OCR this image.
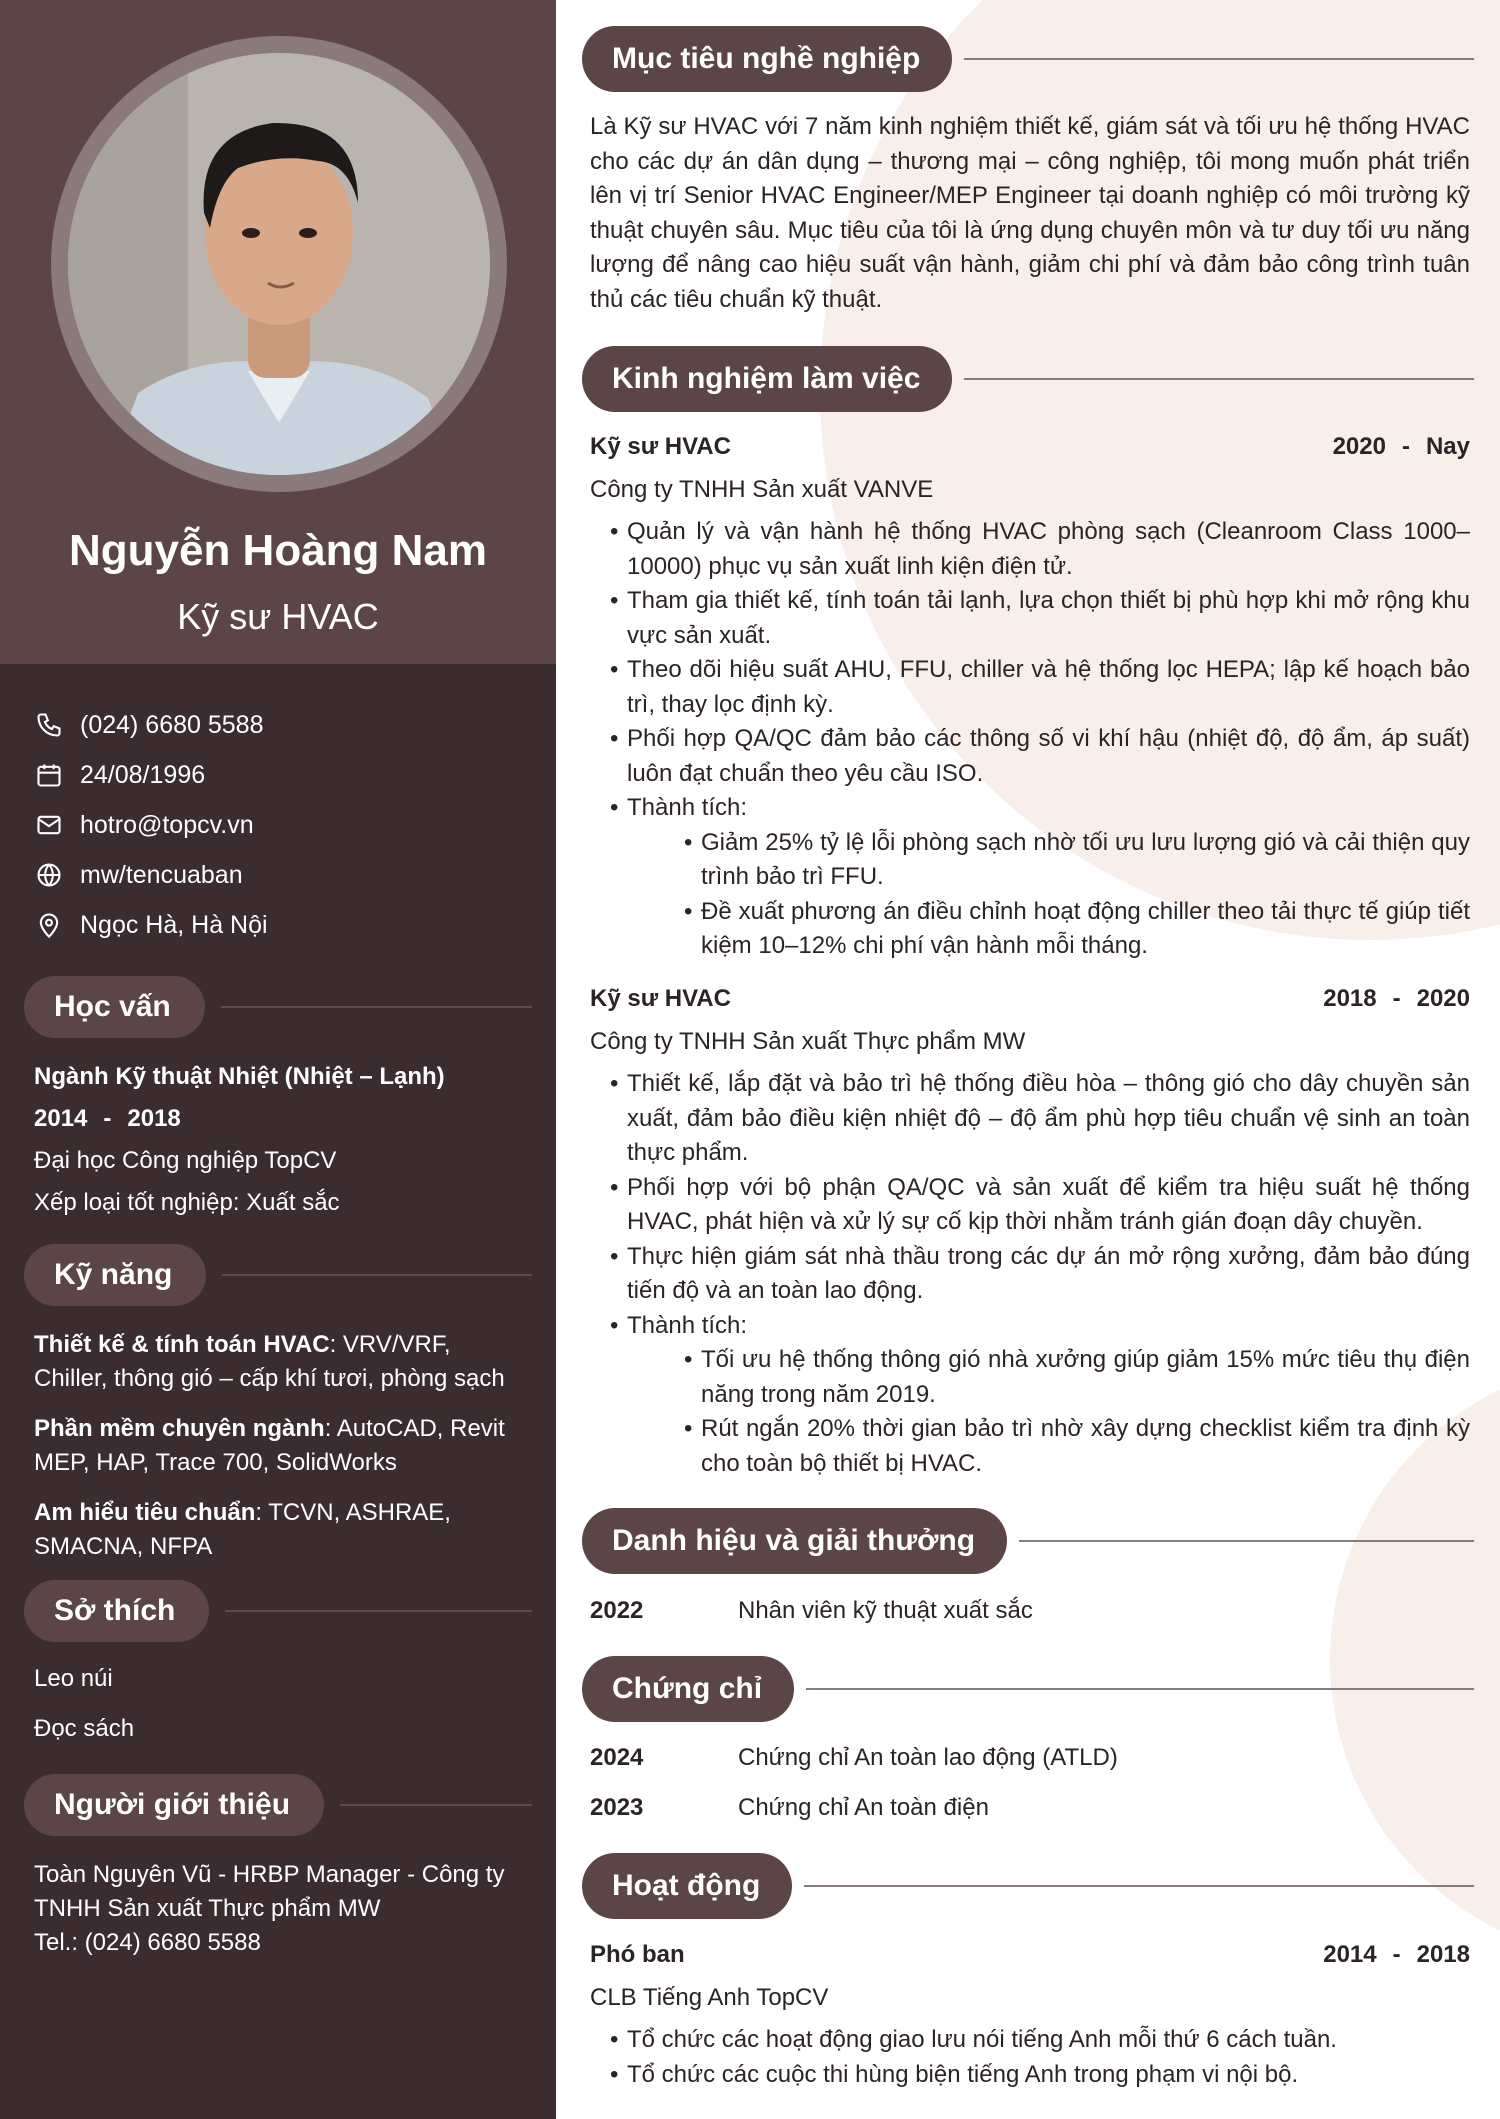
Nguyễn Hoàng Nam
Kỹ sư HVAC
(024) 6680 5588
24/08/1996
hotro@topcv.vn
mw/tencuaban
Ngọc Hà, Hà Nội
Học vấn
Ngành Kỹ thuật Nhiệt (Nhiệt – Lạnh)
2014 - 2018
Đại học Công nghiệp TopCV
Xếp loại tốt nghiệp: Xuất sắc
Kỹ năng
Thiết kế & tính toán HVAC: VRV/VRF, Chiller, thông gió – cấp khí tươi, phòng sạch
Phần mềm chuyên ngành: AutoCAD, Revit MEP, HAP, Trace 700, SolidWorks
Am hiểu tiêu chuẩn: TCVN, ASHRAE, SMACNA, NFPA
Sở thích
Leo núi
Đọc sách
Người giới thiệu
Toàn Nguyên Vũ - HRBP Manager - Công ty TNHH Sản xuất Thực phẩm MW
Tel.: (024) 6680 5588
Mục tiêu nghề nghiệp
Là Kỹ sư HVAC với 7 năm kinh nghiệm thiết kế, giám sát và tối ưu hệ thống HVAC cho các dự án dân dụng – thương mại – công nghiệp, tôi mong muốn phát triển lên vị trí Senior HVAC Engineer/MEP Engineer tại doanh nghiệp có môi trường kỹ thuật chuyên sâu. Mục tiêu của tôi là ứng dụng chuyên môn và tư duy tối ưu năng lượng để nâng cao hiệu suất vận hành, giảm chi phí và đảm bảo công trình tuân thủ các tiêu chuẩn kỹ thuật.
Kinh nghiệm làm việc
Kỹ sư HVAC	2020 - Nay
Công ty TNHH Sản xuất VANVE
• Quản lý và vận hành hệ thống HVAC phòng sạch (Cleanroom Class 1000–10000) phục vụ sản xuất linh kiện điện tử.
• Tham gia thiết kế, tính toán tải lạnh, lựa chọn thiết bị phù hợp khi mở rộng khu vực sản xuất.
• Theo dõi hiệu suất AHU, FFU, chiller và hệ thống lọc HEPA; lập kế hoạch bảo trì, thay lọc định kỳ.
• Phối hợp QA/QC đảm bảo các thông số vi khí hậu (nhiệt độ, độ ẩm, áp suất) luôn đạt chuẩn theo yêu cầu ISO.
• Thành tích:
• Giảm 25% tỷ lệ lỗi phòng sạch nhờ tối ưu lưu lượng gió và cải thiện quy trình bảo trì FFU.
• Đề xuất phương án điều chỉnh hoạt động chiller theo tải thực tế giúp tiết kiệm 10–12% chi phí vận hành mỗi tháng.
Kỹ sư HVAC	2018 - 2020
Công ty TNHH Sản xuất Thực phẩm MW
• Thiết kế, lắp đặt và bảo trì hệ thống điều hòa – thông gió cho dây chuyền sản xuất, đảm bảo điều kiện nhiệt độ – độ ẩm phù hợp tiêu chuẩn vệ sinh an toàn thực phẩm.
• Phối hợp với bộ phận QA/QC và sản xuất để kiểm tra hiệu suất hệ thống HVAC, phát hiện và xử lý sự cố kịp thời nhằm tránh gián đoạn dây chuyền.
• Thực hiện giám sát nhà thầu trong các dự án mở rộng xưởng, đảm bảo đúng tiến độ và an toàn lao động.
• Thành tích:
• Tối ưu hệ thống thông gió nhà xưởng giúp giảm 15% mức tiêu thụ điện năng trong năm 2019.
• Rút ngắn 20% thời gian bảo trì nhờ xây dựng checklist kiểm tra định kỳ cho toàn bộ thiết bị HVAC.
Danh hiệu và giải thưởng
2022	Nhân viên kỹ thuật xuất sắc
Chứng chỉ
2024	Chứng chỉ An toàn lao động (ATLD)
2023	Chứng chỉ An toàn điện
Hoạt động
Phó ban	2014 - 2018
CLB Tiếng Anh TopCV
• Tổ chức các hoạt động giao lưu nói tiếng Anh mỗi thứ 6 cách tuần.
• Tổ chức các cuộc thi hùng biện tiếng Anh trong phạm vi nội bộ.
